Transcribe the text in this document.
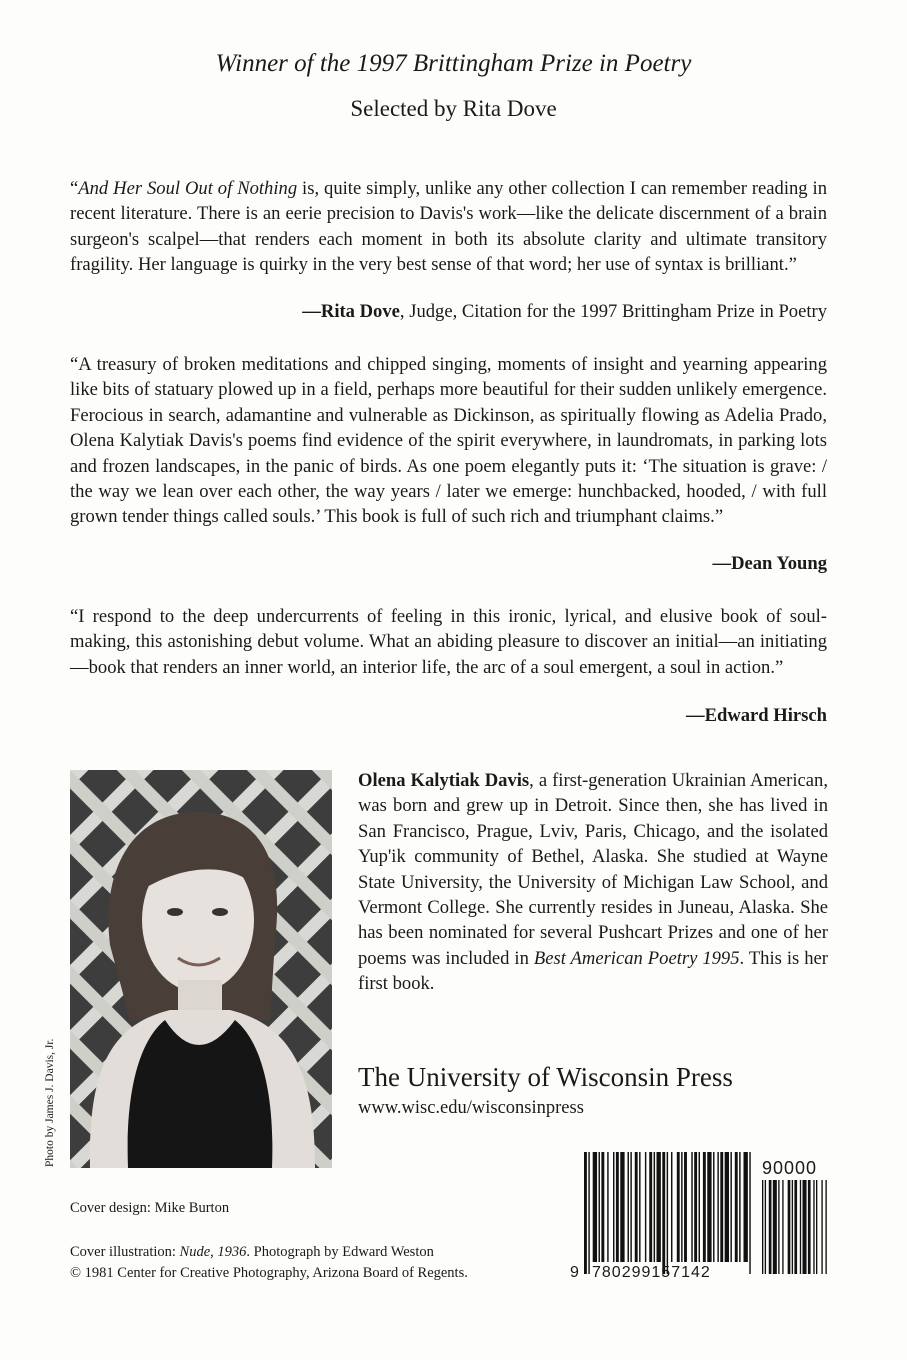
Winner of the 1997 Brittingham Prize in Poetry
Selected by Rita Dove

“And Her Soul Out of Nothing is, quite simply, unlike any other collection I can remember reading in recent literature. There is an eerie precision to Davis's work—like the delicate discernment of a brain surgeon's scalpel—that renders each moment in both its absolute clarity and ultimate transitory fragility. Her language is quirky in the very best sense of that word; her use of syntax is brilliant.”

—Rita Dove, Judge, Citation for the 1997 Brittingham Prize in Poetry

“A treasury of broken meditations and chipped singing, moments of insight and yearning appearing like bits of statuary plowed up in a field, perhaps more beautiful for their sudden unlikely emergence. Ferocious in search, adamantine and vulnerable as Dickinson, as spiritually flowing as Adelia Prado, Olena Kalytiak Davis's poems find evidence of the spirit everywhere, in laundromats, in parking lots and frozen landscapes, in the panic of birds. As one poem elegantly puts it: ‘The situation is grave: / the way we lean over each other, the way years / later we emerge: hunchbacked, hooded, / with full grown tender things called souls.’ This book is full of such rich and triumphant claims.”

—Dean Young

“I respond to the deep undercurrents of feeling in this ironic, lyrical, and elusive book of soul-making, this astonishing debut volume. What an abiding pleasure to discover an initial—an initiating—book that renders an inner world, an interior life, the arc of a soul emergent, a soul in action.”

—Edward Hirsch
Photo by James J. Davis, Jr.

Olena Kalytiak Davis, a first-generation Ukrainian American, was born and grew up in Detroit. Since then, she has lived in San Francisco, Prague, Lviv, Paris, Chicago, and the isolated Yup'ik community of Bethel, Alaska. She studied at Wayne State University, the University of Michigan Law School, and Vermont College. She currently resides in Juneau, Alaska. She has been nominated for several Pushcart Prizes and one of her poems was included in Best American Poetry 1995. This is her first book.

The University of Wisconsin Press
www.wisc.edu/wisconsinpress
Cover design: Mike Burton
Cover illustration: Nude, 1936. Photograph by Edward Weston
© 1981 Center for Creative Photography, Arizona Board of Regents.	9 780299157142
90000
